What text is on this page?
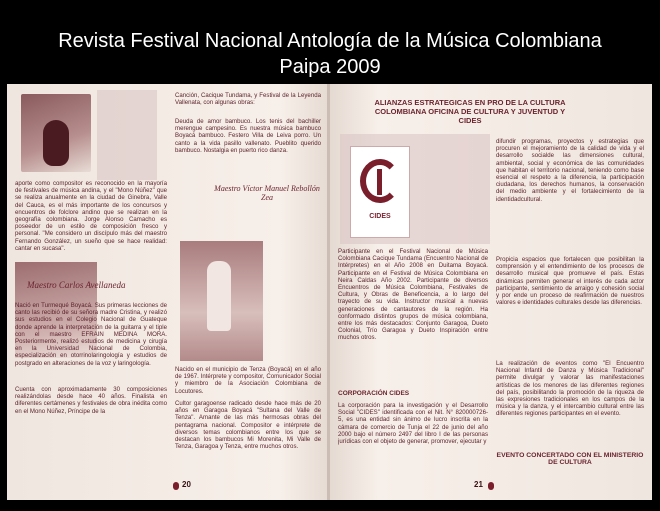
Revista Festival Nacional Antología de la Música Colombiana
Paipa 2009
aporte como compositor es reconocido en la mayoría de festivales de música andina, y el "Mono Núñez" que se realiza anualmente en la ciudad de Ginebra, Valle del Cauca, es el más importante de los concursos y encuentros de folclore andino que se realizan en la geografía colombiana. Jorge Alonso Camacho es poseedor de un estilo de composición fresco y personal. "Me considero un discípulo más del maestro Fernando González, un sueño que se hace realidad: cantar en sucasa".
Maestro Carlos Avellaneda
Nació en Turmequé Boyacá. Sus primeras lecciones de canto las recibió de su señora madre Cristina, y realizó sus estudios en el Colegio Nacional de Guateque donde aprende la interpretación de la guitarra y el tiple con el maestro EFRAIN MEDINA MORA. Posteriormente, realizó estudios de medicina y cirugía en la Universidad Nacional de Colombia, especialización en otorrinolaringología y estudios de postgrado en alteraciones de la voz y laringología.
Cuenta con aproximadamente 30 composiciones realizándolas desde hace 40 años. Finalista en diferentes certámenes y festivales de obra inédita como en el Mono Núñez, Príncipe de la
Canción, Cacique Tundama, y Festival de la Leyenda Vallenata, con algunas obras:
Deuda de amor bambuco. Los tenis del bachiller merengue campesino. Es nuestra música bambuco Boyacá bambuco. Festero Villa de Leiva porro. Un canto a la vida pasillo vallenato. Pueblito querido bambuco. Nostalgia en puerto rico danza.
Maestro Víctor Manuel Rebollón Zea
Nacido en el municipio de Tenza (Boyacá) en el año de 1967. Intérprete y compositor, Comunicador Social y miembro de la Asociación Colombiana de Locutores.
Cultor garagoense radicado desde hace más de 20 años en Garagoa Boyacá "Sultana del Valle de Tenza". Amante de las más hermosas obras del pentagrama nacional. Compositor e intérprete de diversos temas colombianos entre los que se destacan los bambucos Mi Morenita, Mi Valle de Tenza, Garagoa y Tenza, entre muchos otros.
20
ALIANZAS ESTRATEGICAS EN PRO DE LA CULTURA COLOMBIANA OFICINA DE CULTURA Y JUVENTUD Y CIDES
CIDES
Participante en el Festival Nacional de Música Colombiana Cacique Tundama (Encuentro Nacional de Intérpretes) en el Año 2008 en Duitama Boyacá. Participante en el Festival de Música Colombiana en Neira Caldas Año 2002. Participante de diversos Encuentros de Música Colombiana, Festivales de Cultura, y Obras de Beneficencia, a lo largo del trayecto de su vida. Instructor musical a nuevas generaciones de cantautores de la región. Ha conformado distintos grupos de música colombiana, entre los más destacados: Conjunto Garagoa, Dueto Colonial, Trío Garagoa y Dueto Inspiración entre muchos otros.
CORPORACIÓN CIDES
La corporación para la investigación y el Desarrollo Social "CIDES" identificada con el Nit. N° 820000726-5, es una entidad sin ánimo de lucro inscrita en la cámara de comercio de Tunja el 22 de junio del año 2000 bajo el número 2497 del libro I de las personas jurídicas con el objeto de generar, promover, ejecutar y
difundir programas, proyectos y estrategias que procuren el mejoramiento de la calidad de vida y el desarrollo socialde las dimensiones cultural, ambiental, social y económica de las comunidades que habitan el territorio nacional, teniendo como base esencial el respeto a la diferencia, la participación ciudadana, los derechos humanos, la conservación del medio ambiente y el fortalecimiento de la identidadcultural.
Propicia espacios que fortalecen que posibilitan la comprensión y el entendimiento de los procesos de desarrollo musical que promueve el país. Estas dinámicas permiten generar el interés de cada actor participante, sentimiento de arraigo y cohesión social y por ende un proceso de reafirmación de nuestros valores e identidades culturales desde las diferencias.
La realización de eventos como "El Encuentro Nacional Infantil de Danza y Música Tradicional" permite divulgar y valorar las manifestaciones artísticas de los menores de las diferentes regiones del país, posibilitando la promoción de la riqueza de las expresiones tradicionales en los campos de la música y la danza, y el intercambio cultural entre las diferentes regiones participantes en el evento.
EVENTO CONCERTADO CON EL MINISTERIO DE CULTURA
21
